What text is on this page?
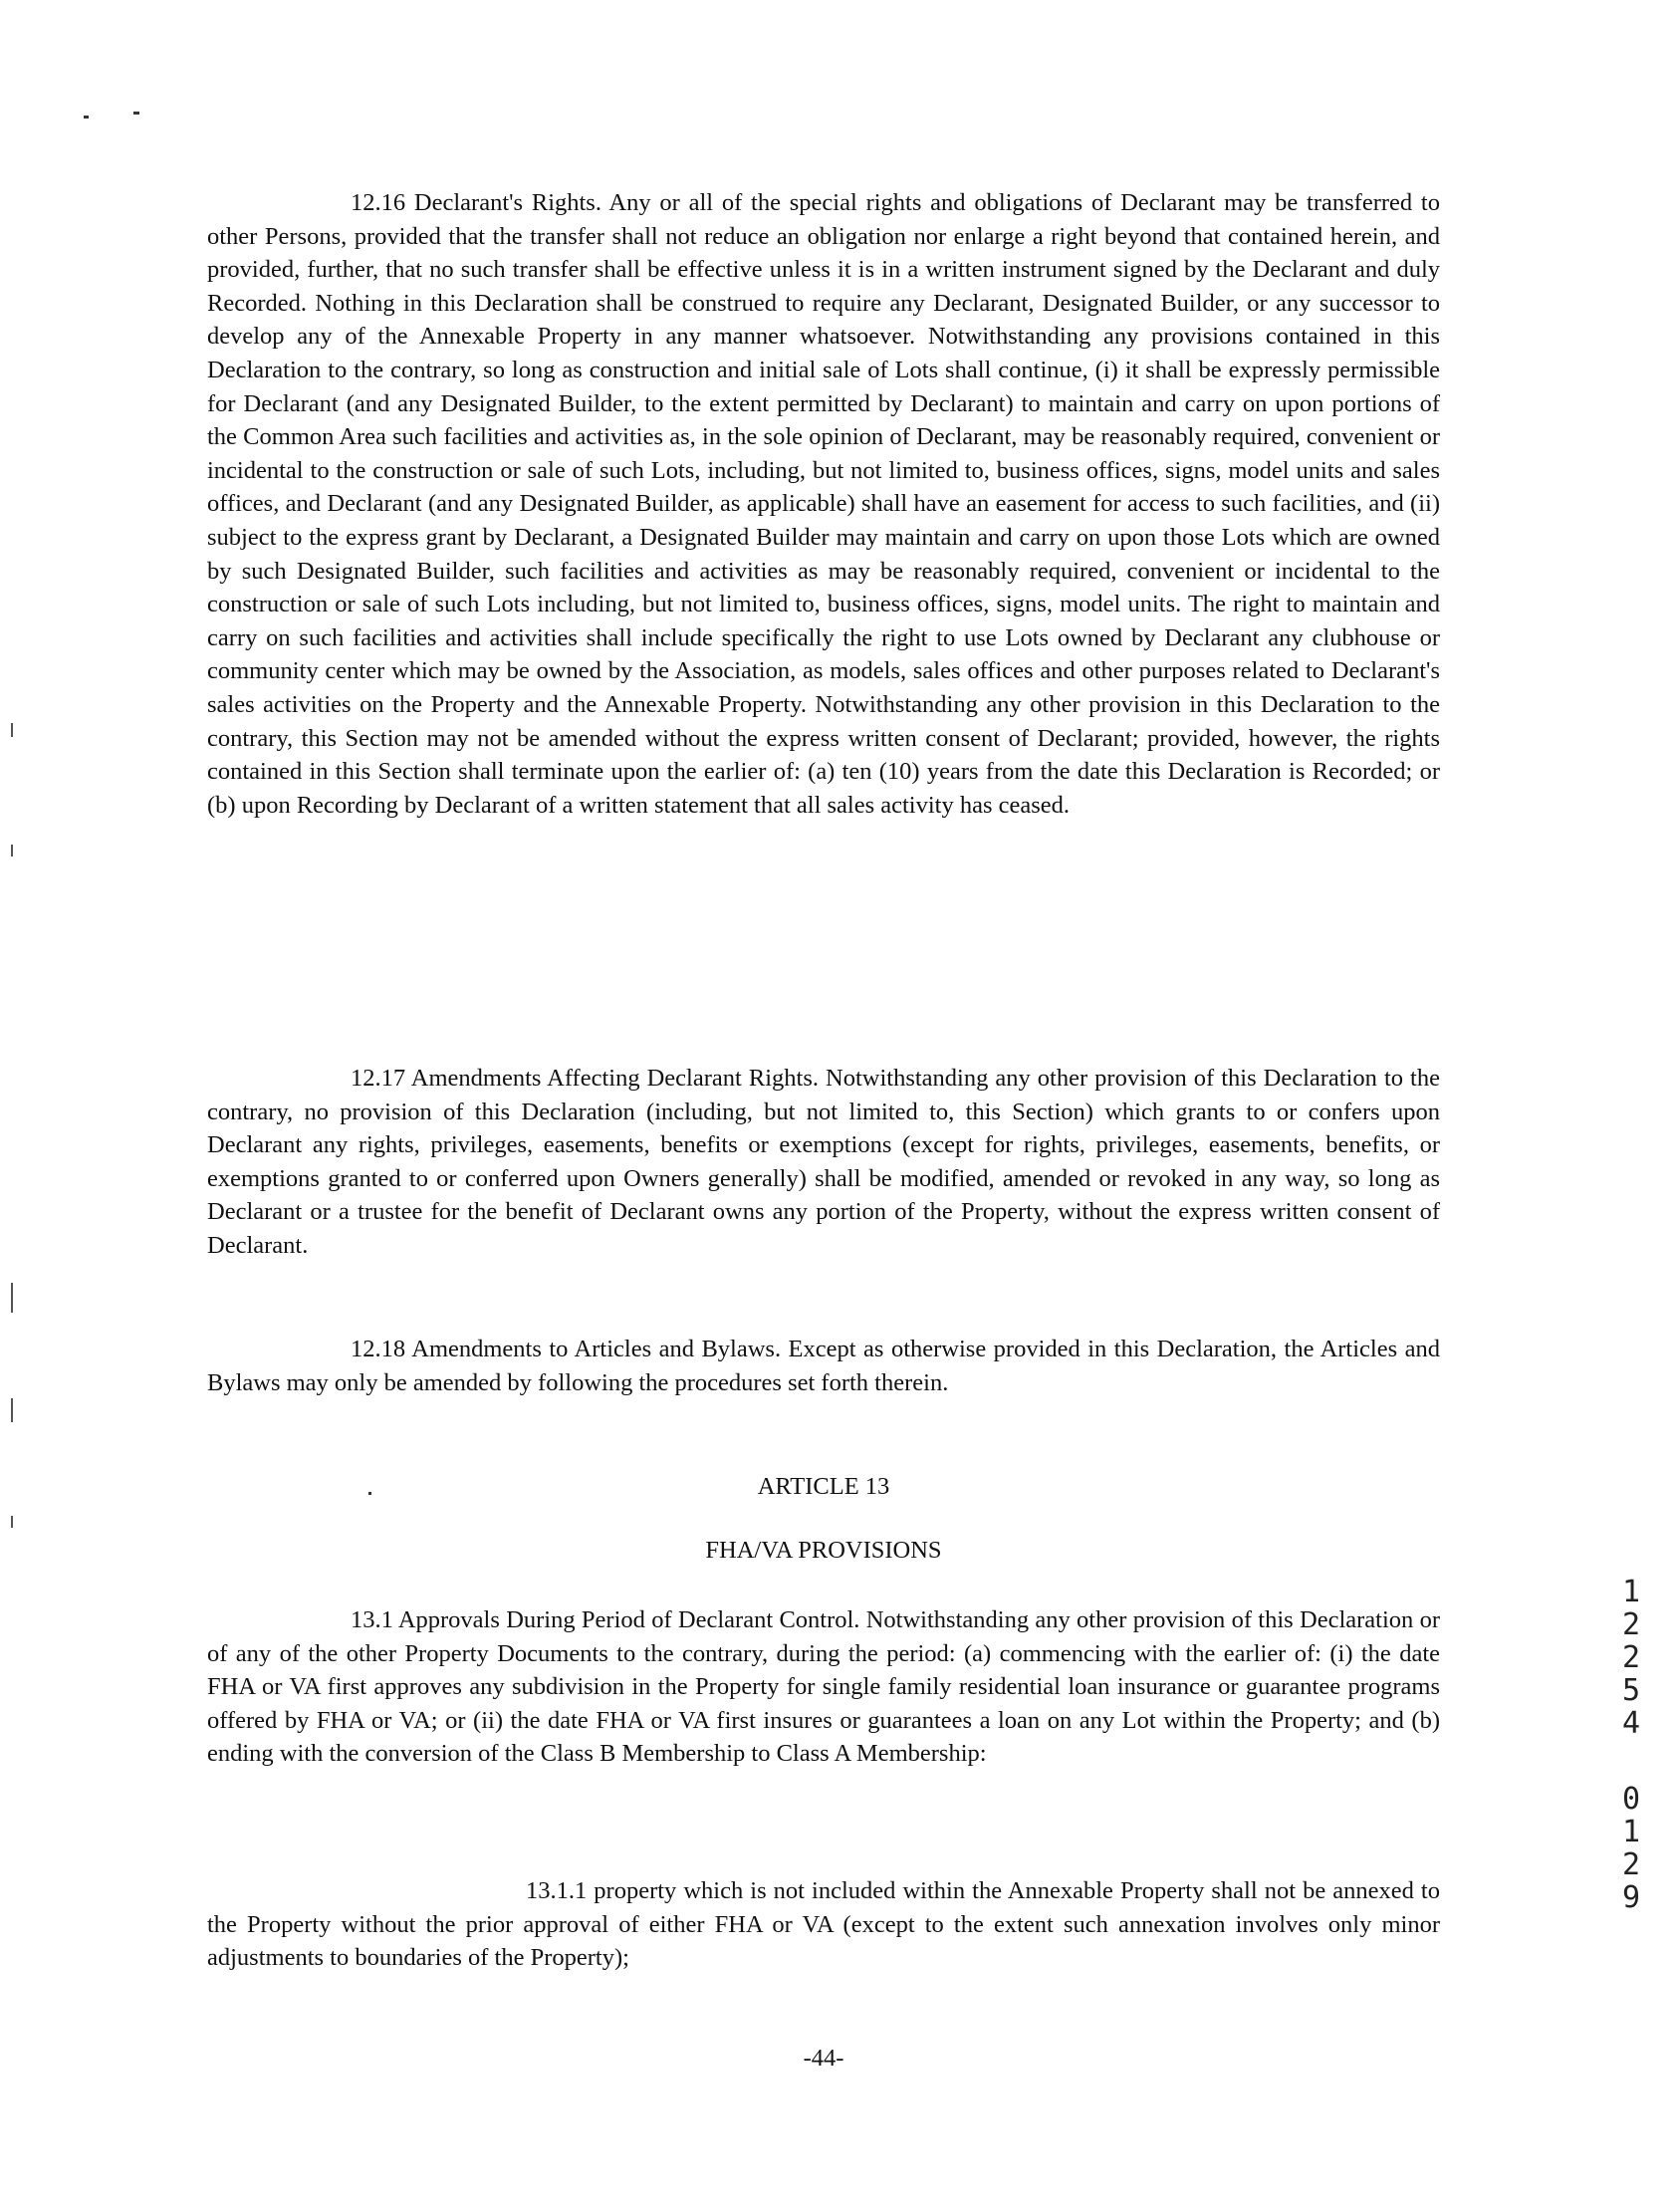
12.16 Declarant's Rights. Any or all of the special rights and obligations of Declarant may be transferred to other Persons, provided that the transfer shall not reduce an obligation nor enlarge a right beyond that contained herein, and provided, further, that no such transfer shall be effective unless it is in a written instrument signed by the Declarant and duly Recorded. Nothing in this Declaration shall be construed to require any Declarant, Designated Builder, or any successor to develop any of the Annexable Property in any manner whatsoever. Notwithstanding any provisions contained in this Declaration to the contrary, so long as construction and initial sale of Lots shall continue, (i) it shall be expressly permissible for Declarant (and any Designated Builder, to the extent permitted by Declarant) to maintain and carry on upon portions of the Common Area such facilities and activities as, in the sole opinion of Declarant, may be reasonably required, convenient or incidental to the construction or sale of such Lots, including, but not limited to, business offices, signs, model units and sales offices, and Declarant (and any Designated Builder, as applicable) shall have an easement for access to such facilities, and (ii) subject to the express grant by Declarant, a Designated Builder may maintain and carry on upon those Lots which are owned by such Designated Builder, such facilities and activities as may be reasonably required, convenient or incidental to the construction or sale of such Lots including, but not limited to, business offices, signs, model units. The right to maintain and carry on such facilities and activities shall include specifically the right to use Lots owned by Declarant any clubhouse or community center which may be owned by the Association, as models, sales offices and other purposes related to Declarant's sales activities on the Property and the Annexable Property. Notwithstanding any other provision in this Declaration to the contrary, this Section may not be amended without the express written consent of Declarant; provided, however, the rights contained in this Section shall terminate upon the earlier of: (a) ten (10) years from the date this Declaration is Recorded; or (b) upon Recording by Declarant of a written statement that all sales activity has ceased.

12.17 Amendments Affecting Declarant Rights. Notwithstanding any other provision of this Declaration to the contrary, no provision of this Declaration (including, but not limited to, this Section) which grants to or confers upon Declarant any rights, privileges, easements, benefits or exemptions (except for rights, privileges, easements, benefits, or exemptions granted to or conferred upon Owners generally) shall be modified, amended or revoked in any way, so long as Declarant or a trustee for the benefit of Declarant owns any portion of the Property, without the express written consent of Declarant.

12.18 Amendments to Articles and Bylaws. Except as otherwise provided in this Declaration, the Articles and Bylaws may only be amended by following the procedures set forth therein.

ARTICLE 13

FHA/VA PROVISIONS

13.1 Approvals During Period of Declarant Control. Notwithstanding any other provision of this Declaration or of any of the other Property Documents to the contrary, during the period: (a) commencing with the earlier of: (i) the date FHA or VA first approves any subdivision in the Property for single family residential loan insurance or guarantee programs offered by FHA or VA; or (ii) the date FHA or VA first insures or guarantees a loan on any Lot within the Property; and (b) ending with the conversion of the Class B Membership to Class A Membership:

13.1.1 property which is not included within the Annexable Property shall not be annexed to the Property without the prior approval of either FHA or VA (except to the extent such annexation involves only minor adjustments to boundaries of the Property);

-44-
1
2
2
5
4
0
1
2
9
